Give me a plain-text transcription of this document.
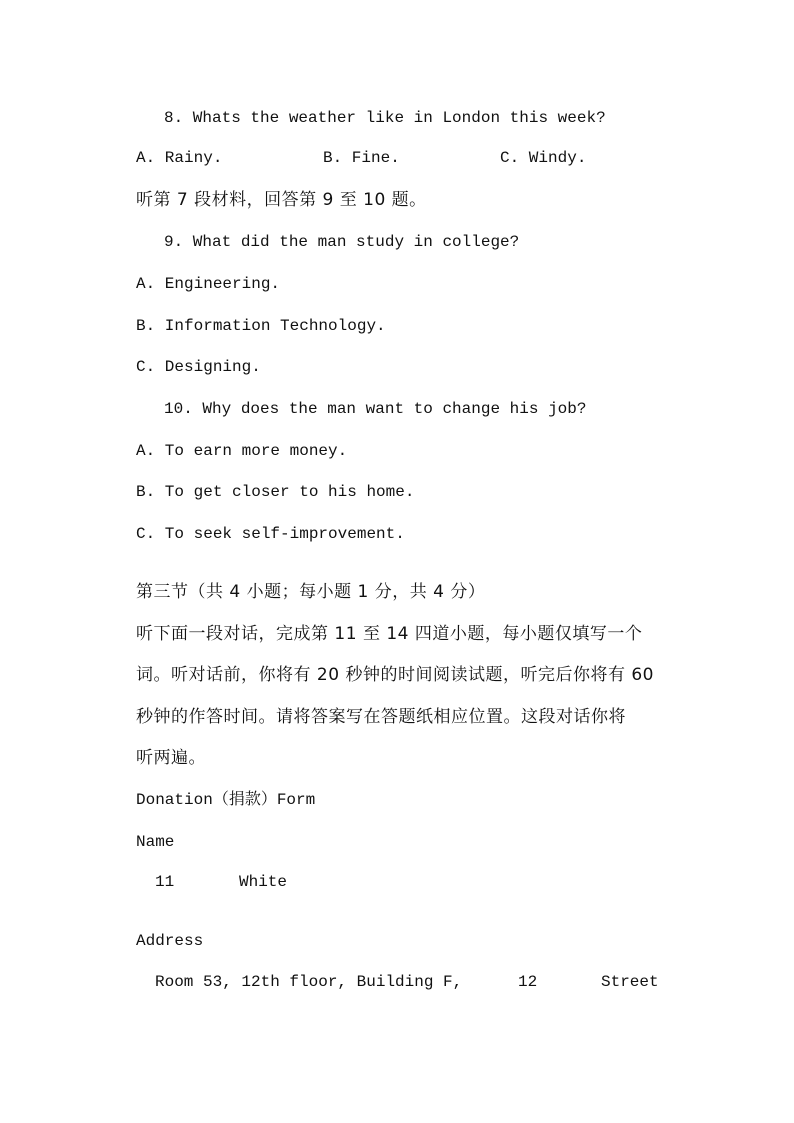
8. Whats the weather like in London this week?
A. Rainy.	B. Fine.	C. Windy.
听第 7 段材料，回答第 9 至 10 题。
9. What did the man study in college?
A. Engineering.
B. Information Technology.
C. Designing.
10. Why does the man want to change his job?
A. To earn more money.
B. To get closer to his home.
C. To seek self-improvement.
第三节（共 4 小题；每小题 1 分，共 4 分）
听下面一段对话，完成第 11 至 14 四道小题，每小题仅填写一个
词。听对话前，你将有 20 秒钟的时间阅读试题，听完后你将有 60
秒钟的作答时间。请将答案写在答题纸相应位置。这段对话你将
听两遍。
Donation（捐款）Form
Name
11	White
Address
Room 53, 12th floor, Building F,	12	Street
